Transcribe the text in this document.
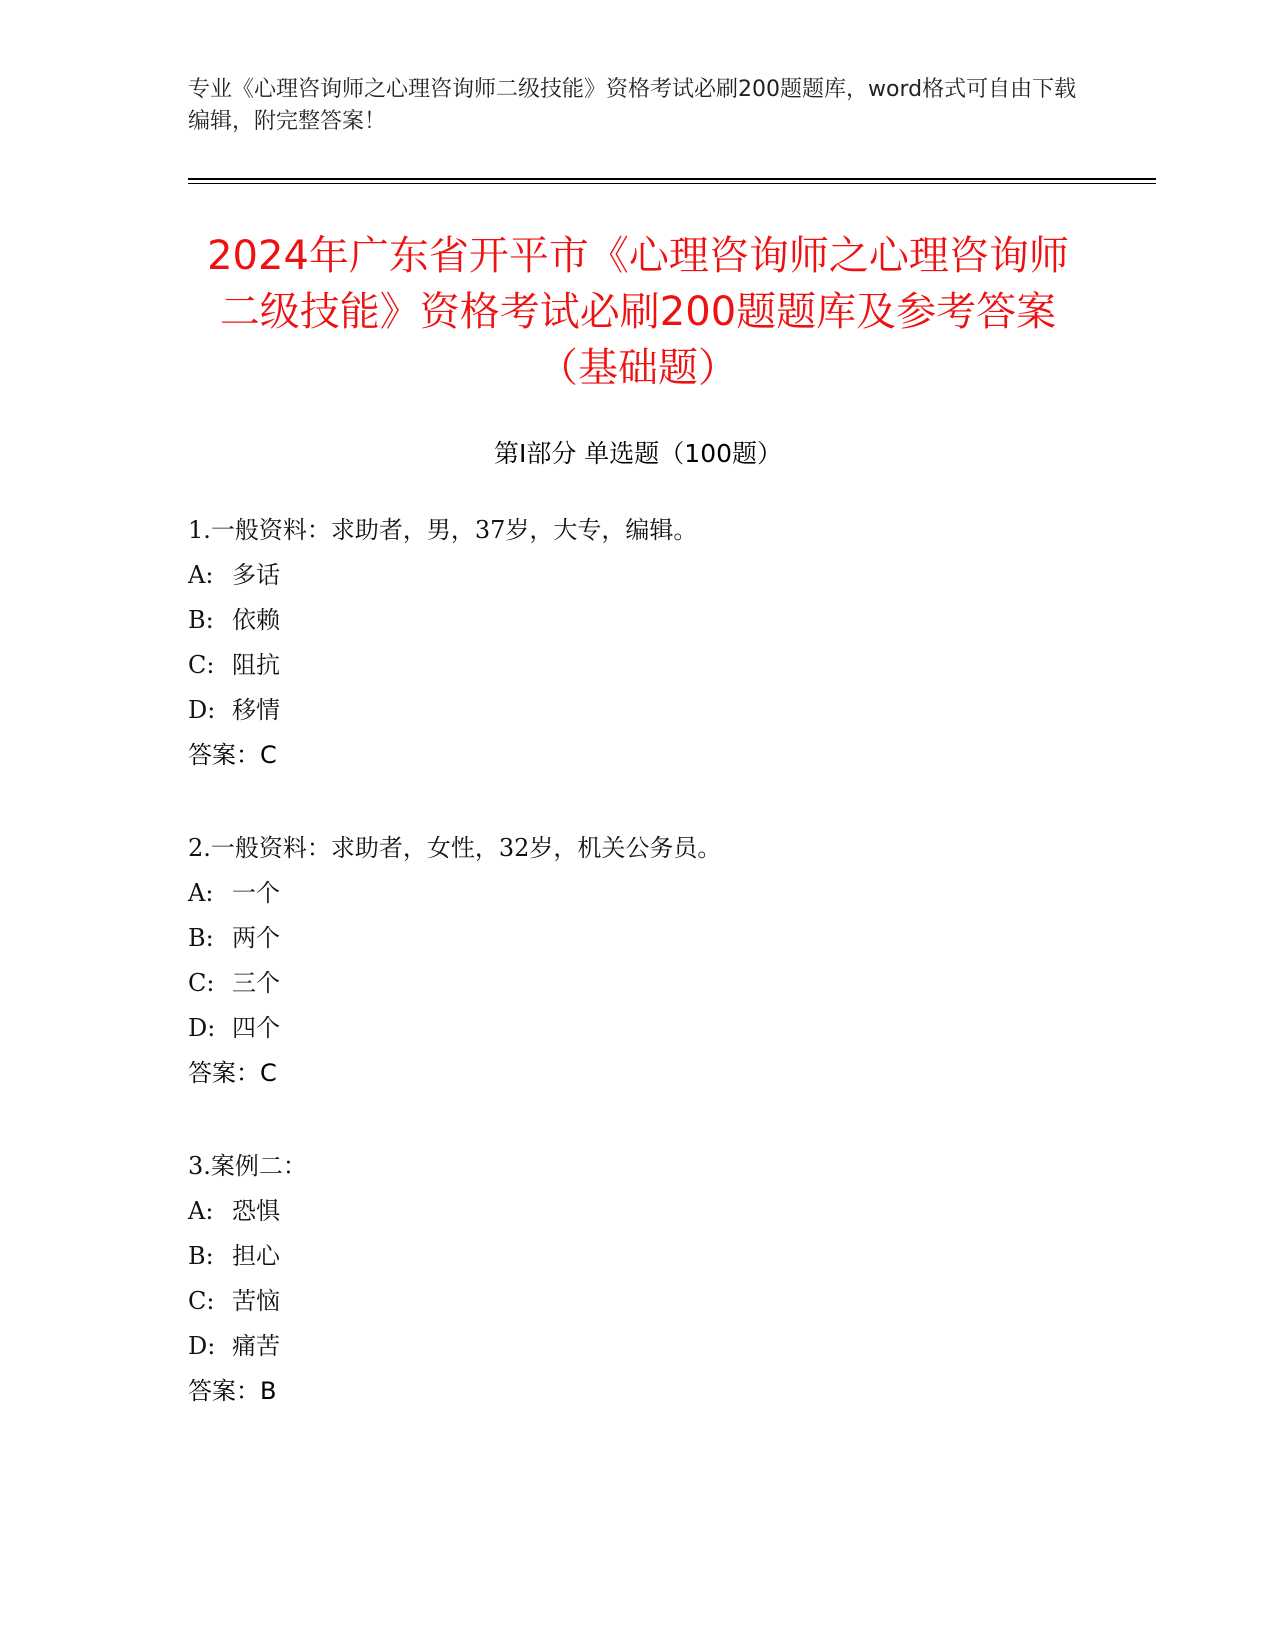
专业《心理咨询师之心理咨询师二级技能》资格考试必刷200题题库，word格式可自由下载编辑，附完整答案！
2024年广东省开平市《心理咨询师之心理咨询师二级技能》资格考试必刷200题题库及参考答案（基础题）
第Ⅰ部分 单选题（100题）
1.一般资料：求助者，男，37岁，大专，编辑。
A: 多话
B: 依赖
C: 阻抗
D: 移情
答案：C
2.一般资料：求助者，女性，32岁，机关公务员。
A: 一个
B: 两个
C: 三个
D: 四个
答案：C
3.案例二：
A: 恐惧
B: 担心
C: 苦恼
D: 痛苦
答案：B
